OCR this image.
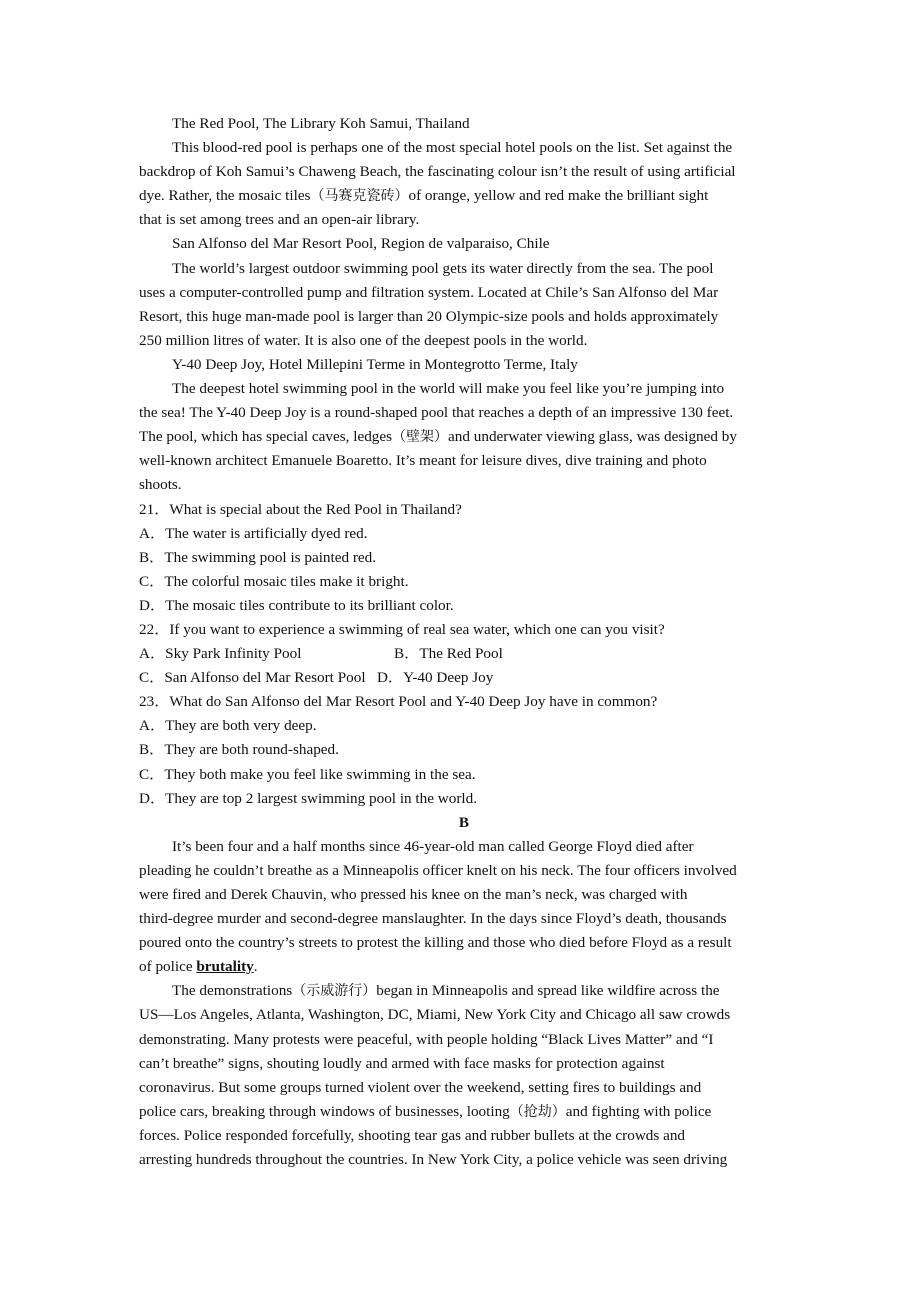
The Red Pool, The Library Koh Samui, Thailand
This blood-red pool is perhaps one of the most special hotel pools on the list. Set against the
backdrop of Koh Samui’s Chaweng Beach, the fascinating colour isn’t the result of using artificial
dye. Rather, the mosaic tiles（马赛克瓷砖）of orange, yellow and red make the brilliant sight
that is set among trees and an open-air library.
San Alfonso del Mar Resort Pool, Region de valparaiso, Chile
The world’s largest outdoor swimming pool gets its water directly from the sea. The pool
uses a computer-controlled pump and filtration system. Located at Chile’s San Alfonso del Mar
Resort, this huge man-made pool is larger than 20 Olympic-size pools and holds approximately
250 million litres of water. It is also one of the deepest pools in the world.
Y-40 Deep Joy, Hotel Millepini Terme in Montegrotto Terme, Italy
The deepest hotel swimming pool in the world will make you feel like you’re jumping into
the sea! The Y-40 Deep Joy is a round-shaped pool that reaches a depth of an impressive 130 feet.
The pool, which has special caves, ledges（壁架）and underwater viewing glass, was designed by
well-known architect Emanuele Boaretto. It’s meant for leisure dives, dive training and photo
shoots.
21．What is special about the Red Pool in Thailand?
A．The water is artificially dyed red.
B．The swimming pool is painted red.
C．The colorful mosaic tiles make it bright.
D．The mosaic tiles contribute to its brilliant color.
22．If you want to experience a swimming of real sea water, which one can you visit?
A．Sky Park Infinity Pool	B．The Red Pool
C．San Alfonso del Mar Resort Pool D．Y-40 Deep Joy
23．What do San Alfonso del Mar Resort Pool and Y-40 Deep Joy have in common?
A．They are both very deep.
B．They are both round-shaped.
C．They both make you feel like swimming in the sea.
D．They are top 2 largest swimming pool in the world.
B
It’s been four and a half months since 46-year-old man called George Floyd died after
pleading he couldn’t breathe as a Minneapolis officer knelt on his neck. The four officers involved
were fired and Derek Chauvin, who pressed his knee on the man’s neck, was charged with
third-degree murder and second-degree manslaughter. In the days since Floyd’s death, thousands
poured onto the country’s streets to protest the killing and those who died before Floyd as a result
of police brutality.
The demonstrations（示威游行）began in Minneapolis and spread like wildfire across the
US—Los Angeles, Atlanta, Washington, DC, Miami, New York City and Chicago all saw crowds
demonstrating. Many protests were peaceful, with people holding “Black Lives Matter” and “I
can’t breathe” signs, shouting loudly and armed with face masks for protection against
coronavirus. But some groups turned violent over the weekend, setting fires to buildings and
police cars, breaking through windows of businesses, looting（抢劫）and fighting with police
forces. Police responded forcefully, shooting tear gas and rubber bullets at the crowds and
arresting hundreds throughout the countries. In New York City, a police vehicle was seen driving
